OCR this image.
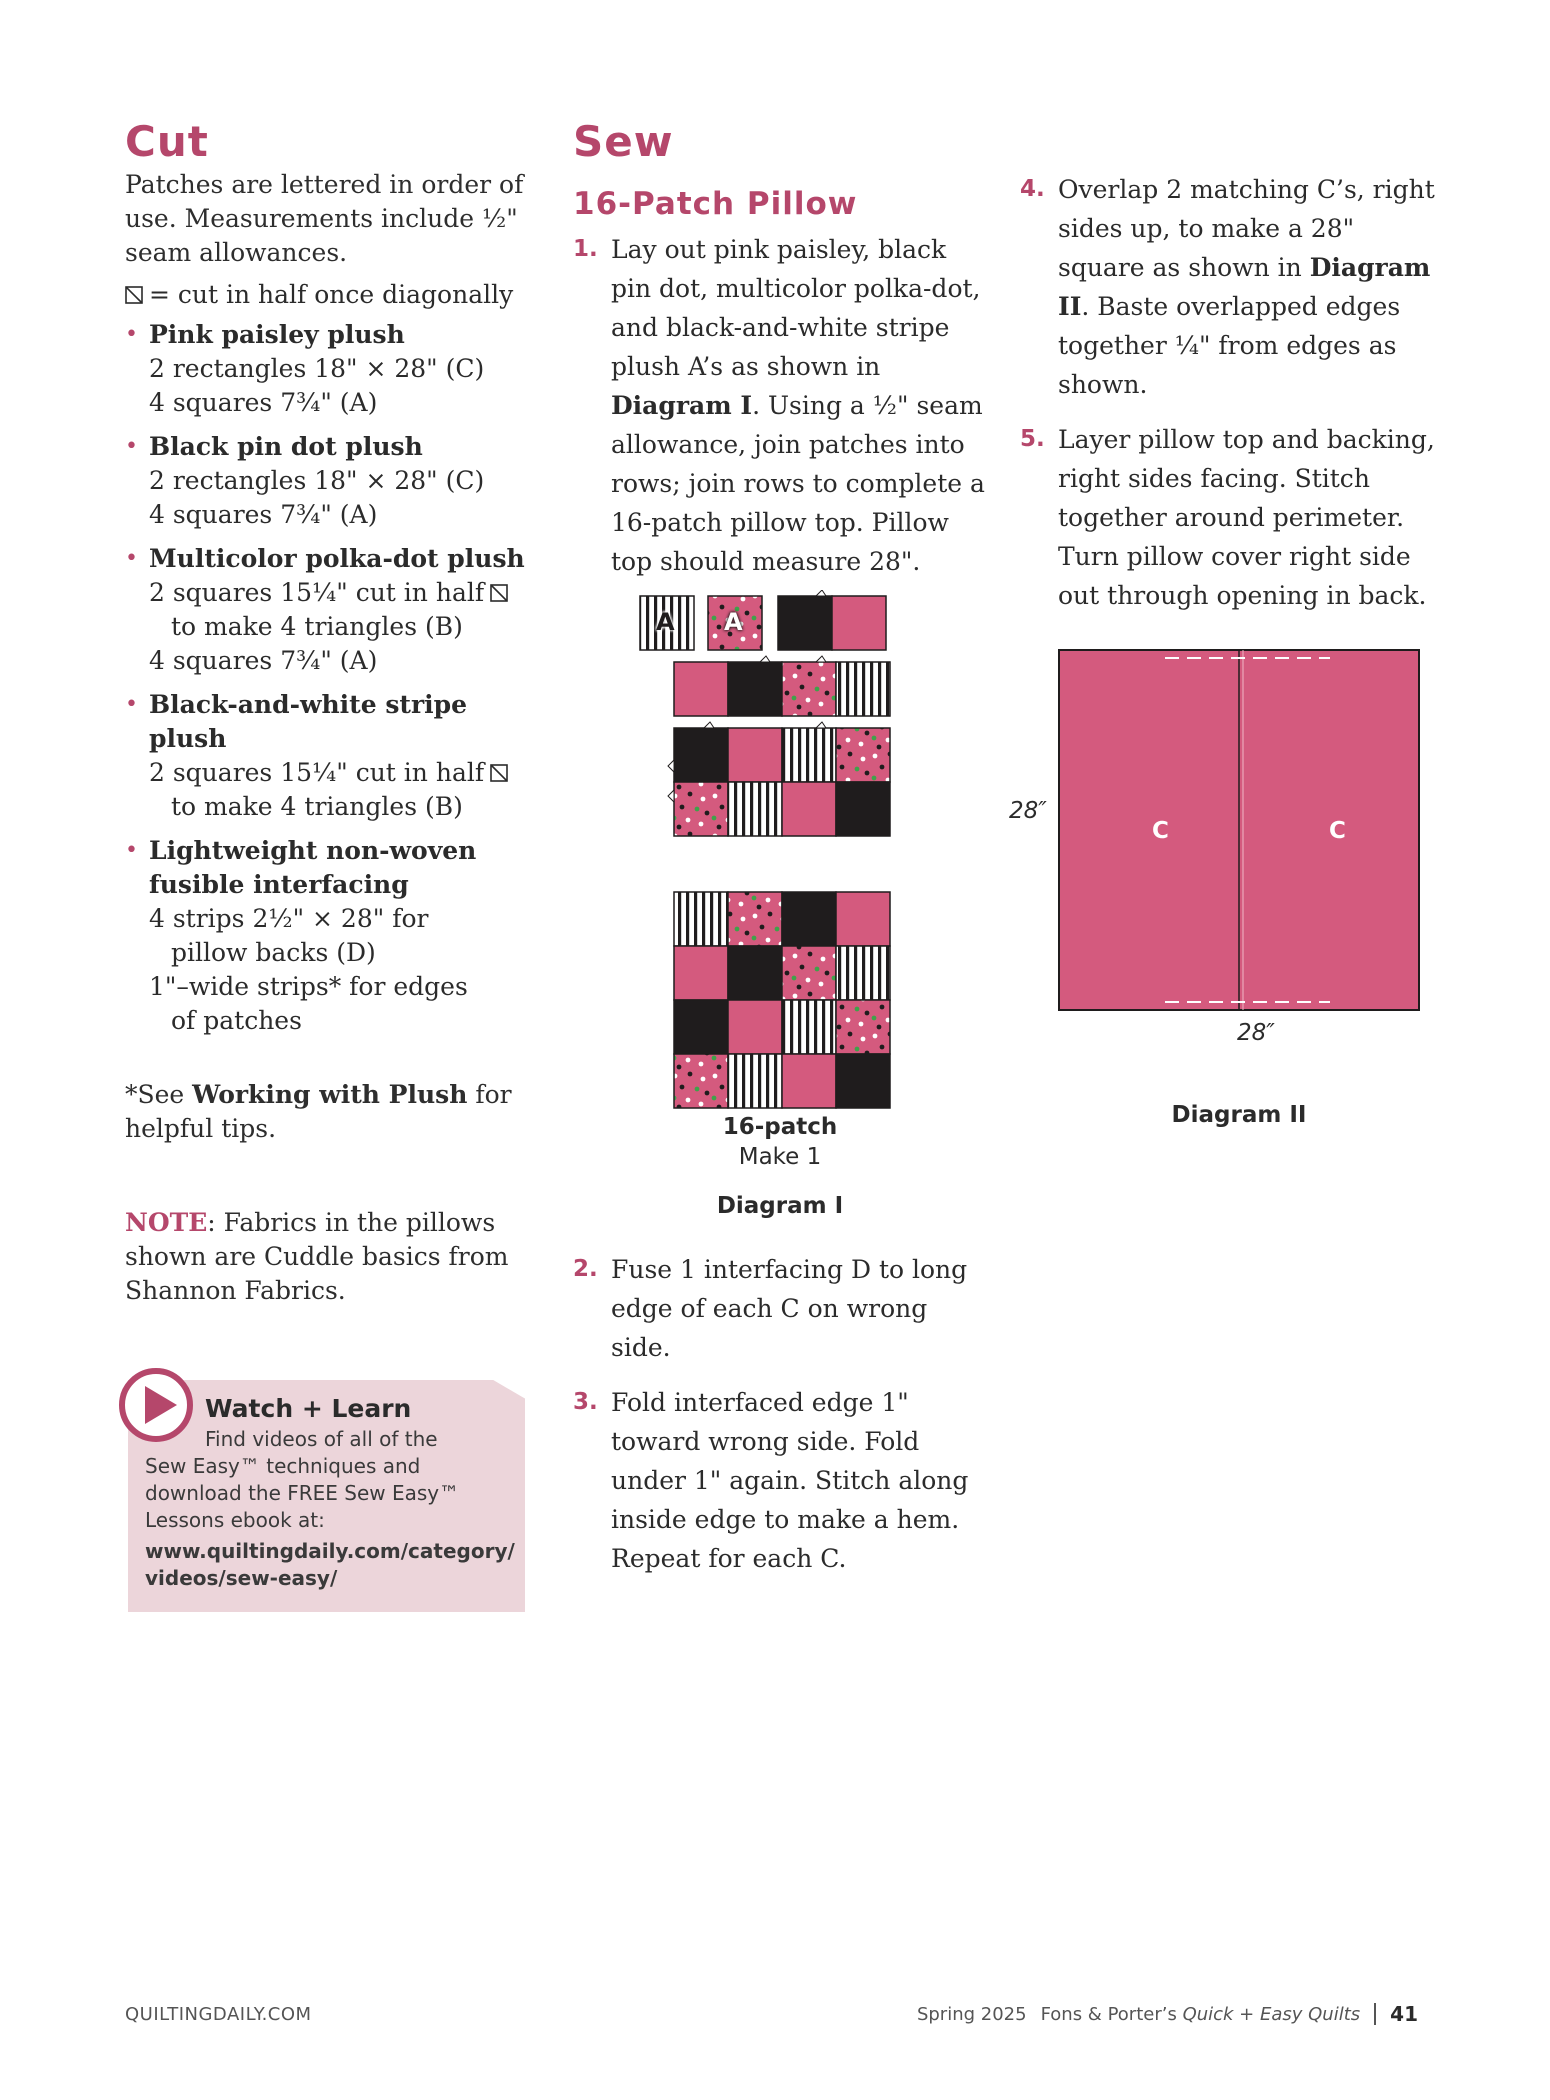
Cut

Patches are lettered in order of use. Measurements include ½" seam allowances.

= cut in half once diagonally
• Pink paisley plush
2 rectangles 18" × 28" (C)
4 squares 7¾" (A)
• Black pin dot plush
2 rectangles 18" × 28" (C)
4 squares 7¾" (A)
• Multicolor polka-dot plush
2 squares 15¼" cut in half
to make 4 triangles (B)
4 squares 7¾" (A)
• Black-and-white stripe plush
2 squares 15¼" cut in half
to make 4 triangles (B)
• Lightweight non-woven
fusible interfacing
4 strips 2½" × 28" for
pillow backs (D)
1"–wide strips* for edges
of patches

*See Working with Plush for helpful tips.

NOTE: Fabrics in the pillows shown are Cuddle basics from Shannon Fabrics.

Watch + Learn
Find videos of all of the
Sew Easy™ techniques and download the FREE Sew Easy™ Lessons ebook at:
www.quiltingdaily.com/category/ videos/sew-easy/
Sew
16-Patch Pillow
1. Lay out pink paisley, black pin dot, multicolor polka-dot, and black-and-white stripe plush A’s as shown in Diagram I. Using a ½" seam allowance, join patches into rows; join rows to complete a 16-patch pillow top. Pillow top should measure 28".
A A
16-patch
Make 1
Diagram I
2. Fuse 1 interfacing D to long edge of each C on wrong side.
3. Fold interfaced edge 1" toward wrong side. Fold under 1" again. Stitch along inside edge to make a hem. Repeat for each C.
4. Overlap 2 matching C’s, right sides up, to make a 28" square as shown in Diagram II. Baste overlapped edges together ¼" from edges as shown.
5. Layer pillow top and backing, right sides facing. Stitch together around perimeter. Turn pillow cover right side out through opening in back.
28″
28″
C	C
Diagram II
QUILTINGDAILY.COM	Spring 2025 Fons & Porter’s Quick + Easy Quilts 41
